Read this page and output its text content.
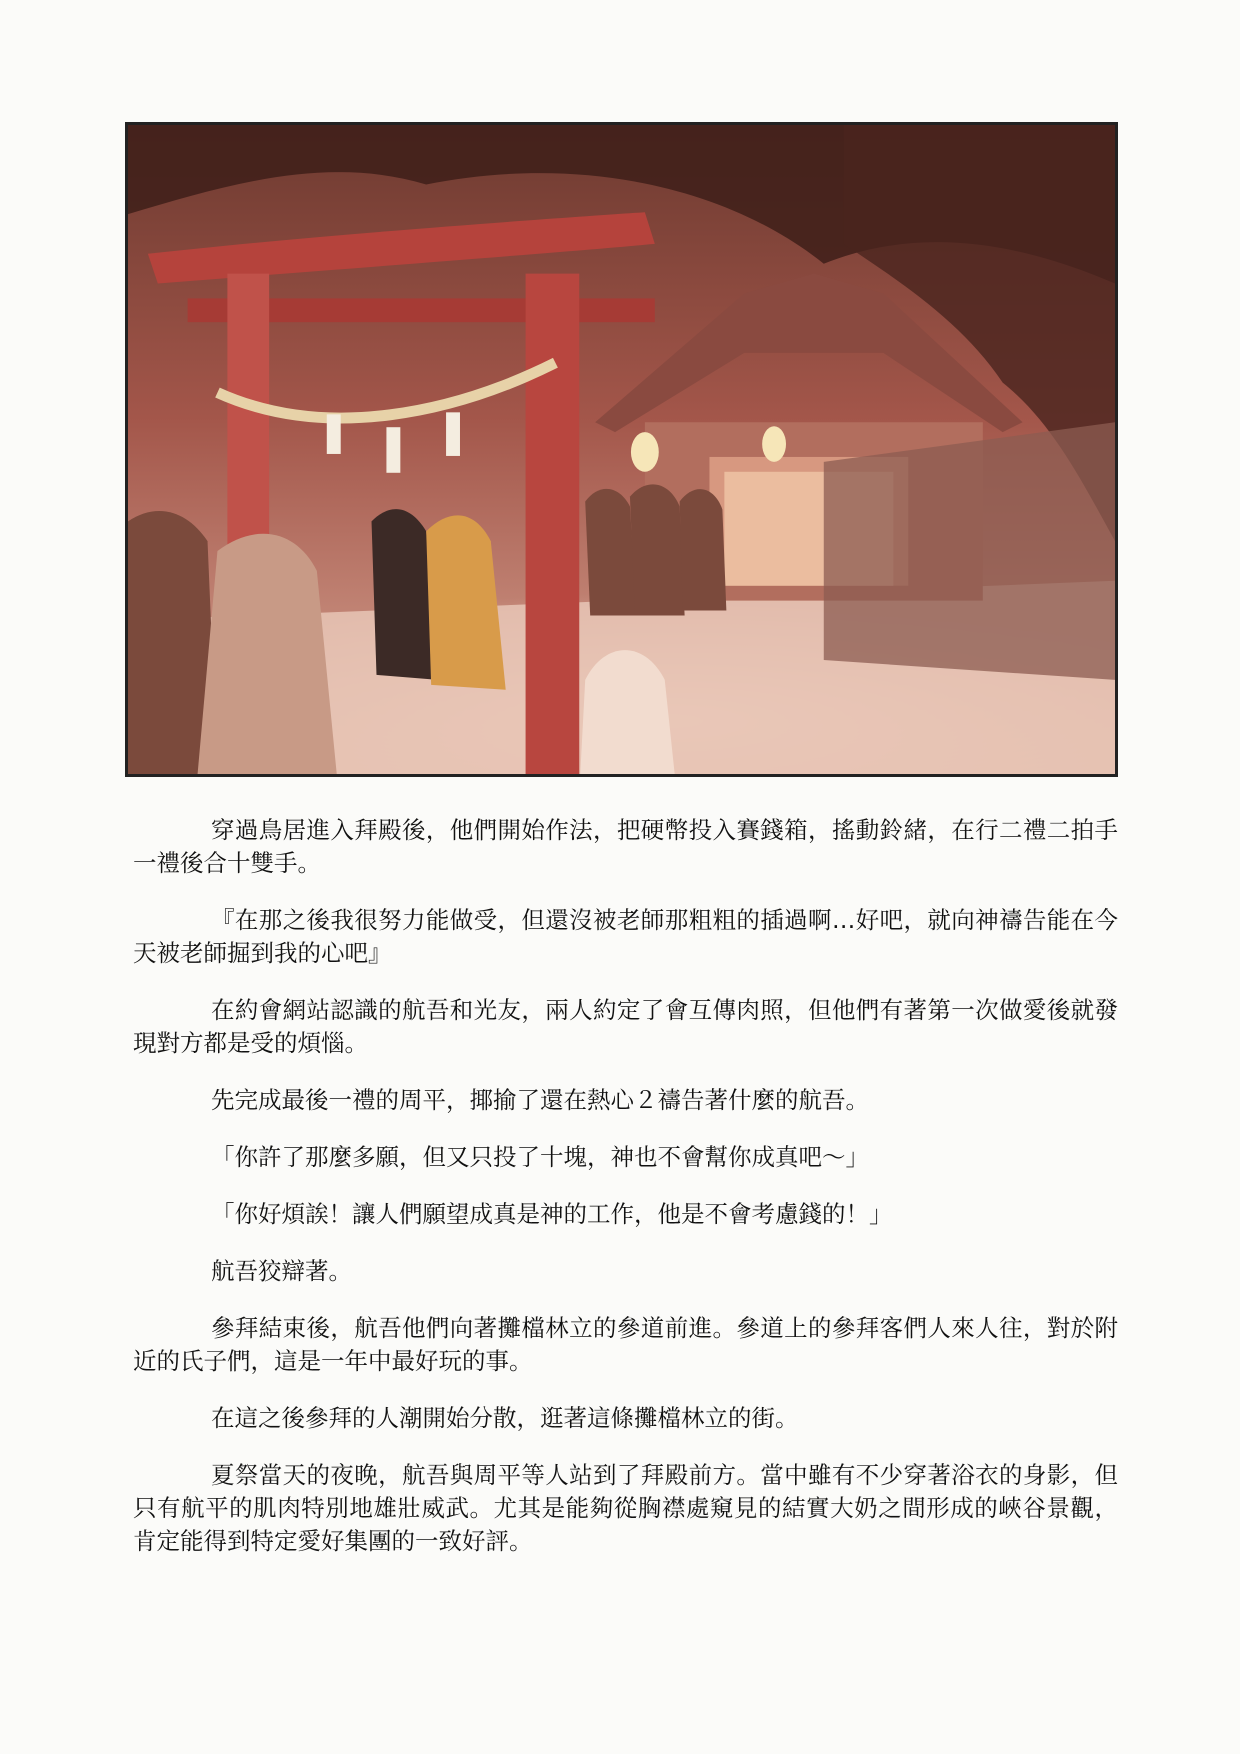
穿過鳥居進入拜殿後，他們開始作法，把硬幣投入賽錢箱，搖動鈴緒，在行二禮二拍手一禮後合十雙手。

『在那之後我很努力能做受，但還沒被老師那粗粗的插過啊…好吧，就向神禱告能在今天被老師掘到我的心吧』

在約會網站認識的航吾和光友，兩人約定了會互傳肉照，但他們有著第一次做愛後就發現對方都是受的煩惱。

先完成最後一禮的周平，揶揄了還在熱心２禱告著什麼的航吾。

「你許了那麼多願，但又只投了十塊，神也不會幫你成真吧～」

「你好煩誒！讓人們願望成真是神的工作，他是不會考慮錢的！」

航吾狡辯著。

參拜結束後，航吾他們向著攤檔林立的參道前進。參道上的參拜客們人來人往，對於附近的氏子們，這是一年中最好玩的事。

在這之後參拜的人潮開始分散，逛著這條攤檔林立的街。

夏祭當天的夜晚，航吾與周平等人站到了拜殿前方。當中雖有不少穿著浴衣的身影，但只有航平的肌肉特別地雄壯威武。尤其是能夠從胸襟處窺見的結實大奶之間形成的峽谷景觀，肯定能得到特定愛好集團的一致好評。
